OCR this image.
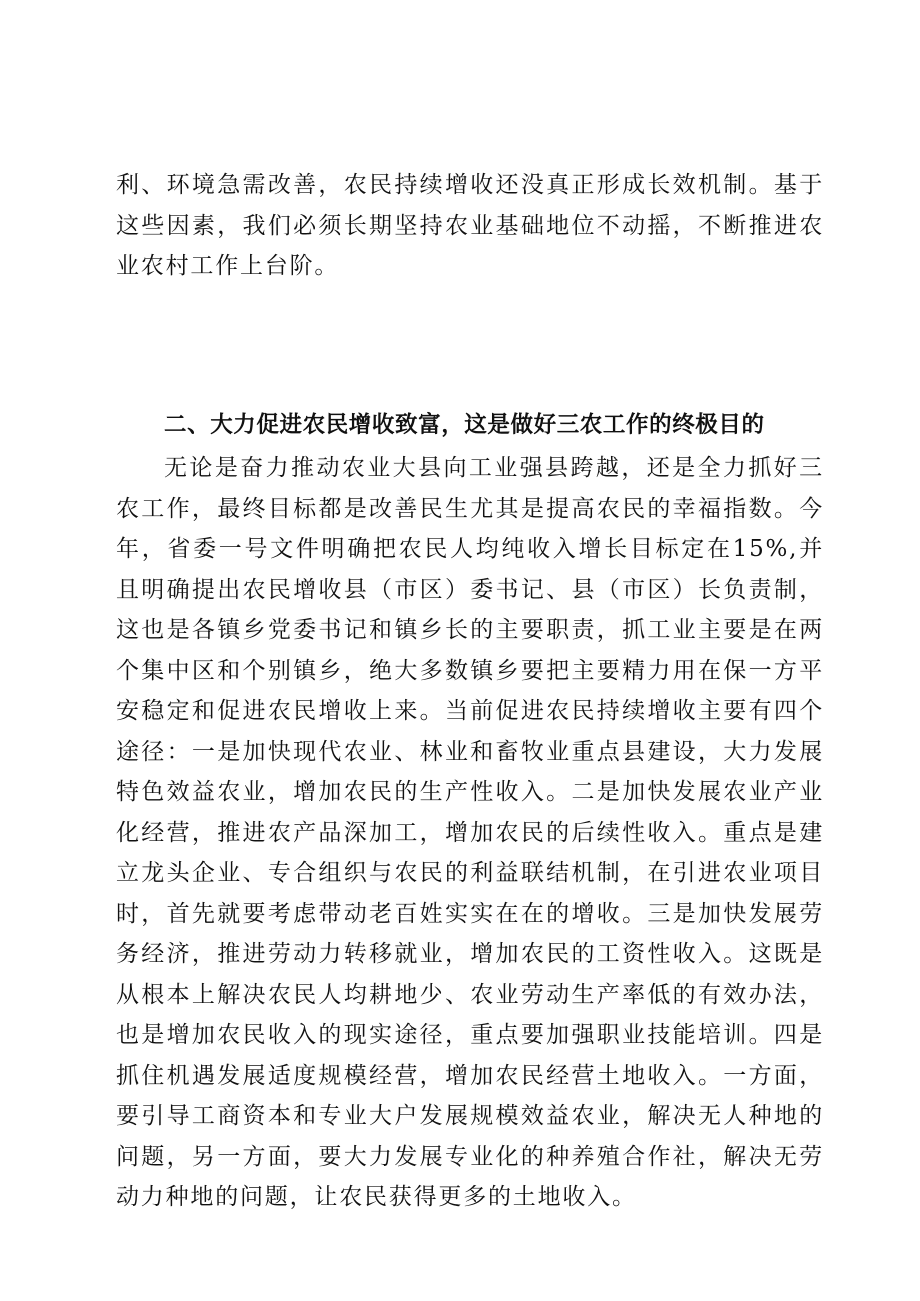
利、环境急需改善，农民持续增收还没真正形成长效机制。基于这些因素，我们必须长期坚持农业基础地位不动摇，不断推进农业农村工作上台阶。

二、大力促进农民增收致富，这是做好三农工作的终极目的

无论是奋力推动农业大县向工业强县跨越，还是全力抓好三农工作，最终目标都是改善民生尤其是提高农民的幸福指数。今年，省委一号文件明确把农民人均纯收入增长目标定在15%,并且明确提出农民增收县（市区）委书记、县（市区）长负责制，这也是各镇乡党委书记和镇乡长的主要职责，抓工业主要是在两个集中区和个别镇乡，绝大多数镇乡要把主要精力用在保一方平安稳定和促进农民增收上来。当前促进农民持续增收主要有四个途径：一是加快现代农业、林业和畜牧业重点县建设，大力发展特色效益农业，增加农民的生产性收入。二是加快发展农业产业化经营，推进农产品深加工，增加农民的后续性收入。重点是建立龙头企业、专合组织与农民的利益联结机制，在引进农业项目时，首先就要考虑带动老百姓实实在在的增收。三是加快发展劳务经济，推进劳动力转移就业，增加农民的工资性收入。这既是从根本上解决农民人均耕地少、农业劳动生产率低的有效办法，也是增加农民收入的现实途径，重点要加强职业技能培训。四是抓住机遇发展适度规模经营，增加农民经营土地收入。一方面，要引导工商资本和专业大户发展规模效益农业，解决无人种地的问题，另一方面，要大力发展专业化的种养殖合作社，解决无劳动力种地的问题，让农民获得更多的土地收入。
